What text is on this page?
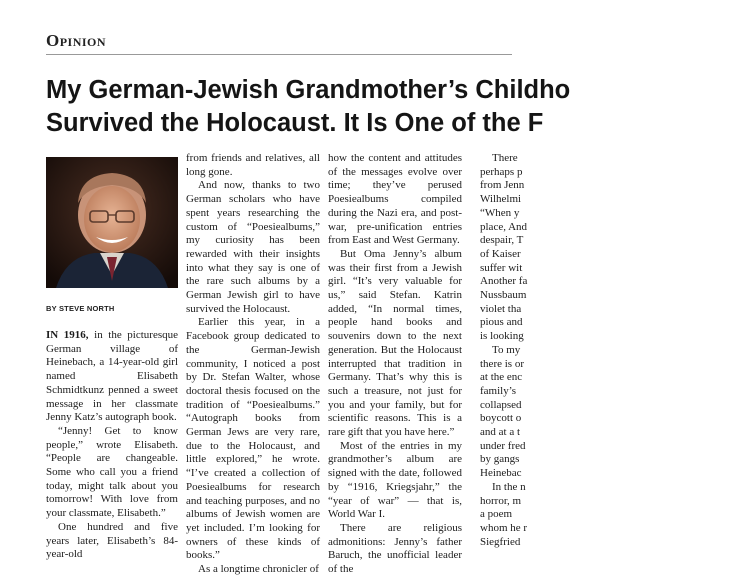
Opinion
My German-Jewish Grandmother’s Childho
Survived the Holocaust. It Is One of the F
BY STEVE NORTH

IN 1916, in the picturesque German village of Heinebach, a 14-year-old girl named Elisabeth Schmidtkunz penned a sweet message in her classmate Jenny Katz’s autograph book.

“Jenny! Get to know people,” wrote Elisabeth. “People are changeable. Some who call you a friend today, might talk about you tomorrow! With love from your classmate, Elisabeth.”

One hundred and five years later, Elisabeth’s 84-year-old

from friends and relatives, all long gone.

And now, thanks to two German scholars who have spent years researching the custom of “Poesiealbums,” my curiosity has been rewarded with their insights into what they say is one of the rare such albums by a German Jewish girl to have survived the Holocaust.

Earlier this year, in a Facebook group dedicated to the German-Jewish community, I noticed a post by Dr. Stefan Walter, whose doctoral thesis focused on the tradition of “Poesiealbums.” “Autograph books from German Jews are very rare, due to the Holocaust, and little explored,” he wrote. “I’ve created a collection of Poesiealbums for research and teaching purposes, and no albums of Jewish women are yet included. I’m looking for owners of these kinds of books.”

As a longtime chronicler of

how the content and attitudes of the messages evolve over time; they’ve perused Poesiealbums compiled during the Nazi era, and post-war, pre-unification entries from East and West Germany.

But Oma Jenny’s album was their first from a Jewish girl. “It’s very valuable for us,” said Stefan. Katrin added, “In normal times, people hand books and souvenirs down to the next generation. But the Holocaust interrupted that tradition in Germany. That’s why this is such a treasure, not just for you and your family, but for scientific reasons. This is a rare gift that you have here.”

Most of the entries in my grandmother’s album are signed with the date, followed by “1916, Kriegsjahr,” the “year of war” — that is, World War I.

There are religious admonitions: Jenny’s father Baruch, the unofficial leader of the

There

perhaps p

from Jenn

Wilhelmi

“When y

place, And

despair, T

of Kaiser

suffer wit

Another fa

Nussbaum

violet tha

pious and

is looking

To my

there is or

at the enc

family’s

collapsed

boycott o

and at a t

under fred

by gangs

Heinebac

In the n

horror, m

a poem

whom he r

Siegfried
